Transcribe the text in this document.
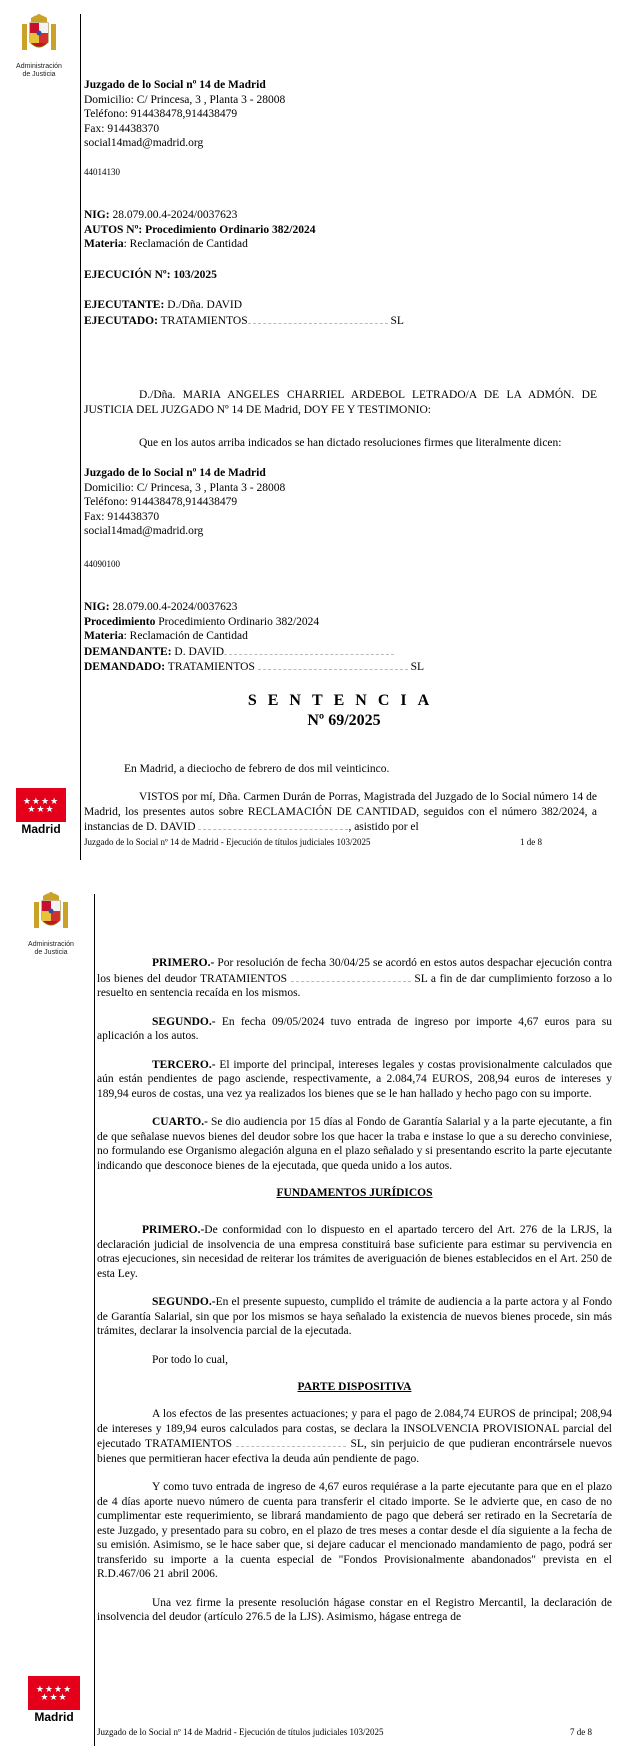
Administración
de Justicia
★★★★
★★★
Madrid

Juzgado de lo Social nº 14 de Madrid

Domicilio: C/ Princesa, 3 , Planta 3 - 28008

Teléfono: 914438478,914438479

Fax: 914438370

social14mad@madrid.org

44014130

NIG: 28.079.00.4-2024/0037623

AUTOS Nº: Procedimiento Ordinario 382/2024

Materia: Reclamación de Cantidad

EJECUCIÓN Nº: 103/2025

EJECUTANTE: D./Dña. DAVID

EJECUTADO: TRATAMIENTOS	SL

D./Dña. MARIA ANGELES CHARRIEL ARDEBOL LETRADO/A DE LA ADMÓN. DE JUSTICIA DEL JUZGADO Nº 14 DE Madrid, DOY FE Y TESTIMONIO:

Que en los autos arriba indicados se han dictado resoluciones firmes que literalmente dicen:

Juzgado de lo Social nº 14 de Madrid

Domicilio: C/ Princesa, 3 , Planta 3 - 28008

Teléfono: 914438478,914438479

Fax: 914438370

social14mad@madrid.org

44090100

NIG: 28.079.00.4-2024/0037623

Procedimiento Procedimiento Ordinario 382/2024

Materia: Reclamación de Cantidad

DEMANDANTE: D. DAVID

DEMANDADO: TRATAMIENTOS	SL

SENTENCIA
Nº 69/2025

En Madrid, a dieciocho de febrero de dos mil veinticinco.

VISTOS por mí, Dña. Carmen Durán de Porras, Magistrada del Juzgado de lo Social número 14 de Madrid, los presentes autos sobre RECLAMACIÓN DE CANTIDAD, seguidos con el número 382/2024, a instancias de D. DAVID	, asistido por el

Juzgado de lo Social nº 14 de Madrid - Ejecución de títulos judiciales 103/2025	1 de 8
Administración
de Justicia
★★★★
★★★
Madrid

PRIMERO.- Por resolución de fecha 30/04/25 se acordó en estos autos despachar ejecución contra los bienes del deudor TRATAMIENTOS	SL a fin de dar cumplimiento forzoso a lo resuelto en sentencia recaída en los mismos.

SEGUNDO.- En fecha 09/05/2024 tuvo entrada de ingreso por importe 4,67 euros para su aplicación a los autos.

TERCERO.- El importe del principal, intereses legales y costas provisionalmente calculados que aún están pendientes de pago asciende, respectivamente, a 2.084,74 EUROS, 208,94 euros de intereses y 189,94 euros de costas, una vez ya realizados los bienes que se le han hallado y hecho pago con su importe.

CUARTO.- Se dio audiencia por 15 días al Fondo de Garantía Salarial y a la parte ejecutante, a fin de que señalase nuevos bienes del deudor sobre los que hacer la traba e instase lo que a su derecho conviniese, no formulando ese Organismo alegación alguna en el plazo señalado y si presentando escrito la parte ejecutante indicando que desconoce bienes de la ejecutada, que queda unido a los autos.

FUNDAMENTOS JURÍDICOS

PRIMERO.-De conformidad con lo dispuesto en el apartado tercero del Art. 276 de la LRJS, la declaración judicial de insolvencia de una empresa constituirá base suficiente para estimar su pervivencia en otras ejecuciones, sin necesidad de reiterar los trámites de averiguación de bienes establecidos en el Art. 250 de esta Ley.

SEGUNDO.-En el presente supuesto, cumplido el trámite de audiencia a la parte actora y al Fondo de Garantía Salarial, sin que por los mismos se haya señalado la existencia de nuevos bienes procede, sin más trámites, declarar la insolvencia parcial de la ejecutada.

Por todo lo cual,

PARTE DISPOSITIVA

A los efectos de las presentes actuaciones; y para el pago de 2.084,74 EUROS de principal; 208,94 de intereses y 189,94 euros calculados para costas, se declara la INSOLVENCIA PROVISIONAL parcial del ejecutado TRATAMIENTOS	SL, sin perjuicio de que pudieran encontrársele nuevos bienes que permitieran hacer efectiva la deuda aún pendiente de pago.

Y como tuvo entrada de ingreso de 4,67 euros requiérase a la parte ejecutante para que en el plazo de 4 días aporte nuevo número de cuenta para transferir el citado importe. Se le advierte que, en caso de no cumplimentar este requerimiento, se librará mandamiento de pago que deberá ser retirado en la Secretaría de este Juzgado, y presentado para su cobro, en el plazo de tres meses a contar desde el día siguiente a la fecha de su emisión. Asimismo, se le hace saber que, si dejare caducar el mencionado mandamiento de pago, podrá ser transferido su importe a la cuenta especial de "Fondos Provisionalmente abandonados" prevista en el R.D.467/06 21 abril 2006.

Una vez firme la presente resolución hágase constar en el Registro Mercantil, la declaración de insolvencia del deudor (artículo 276.5 de la LJS). Asimismo, hágase entrega de

Juzgado de lo Social nº 14 de Madrid - Ejecución de títulos judiciales 103/2025	7 de 8
